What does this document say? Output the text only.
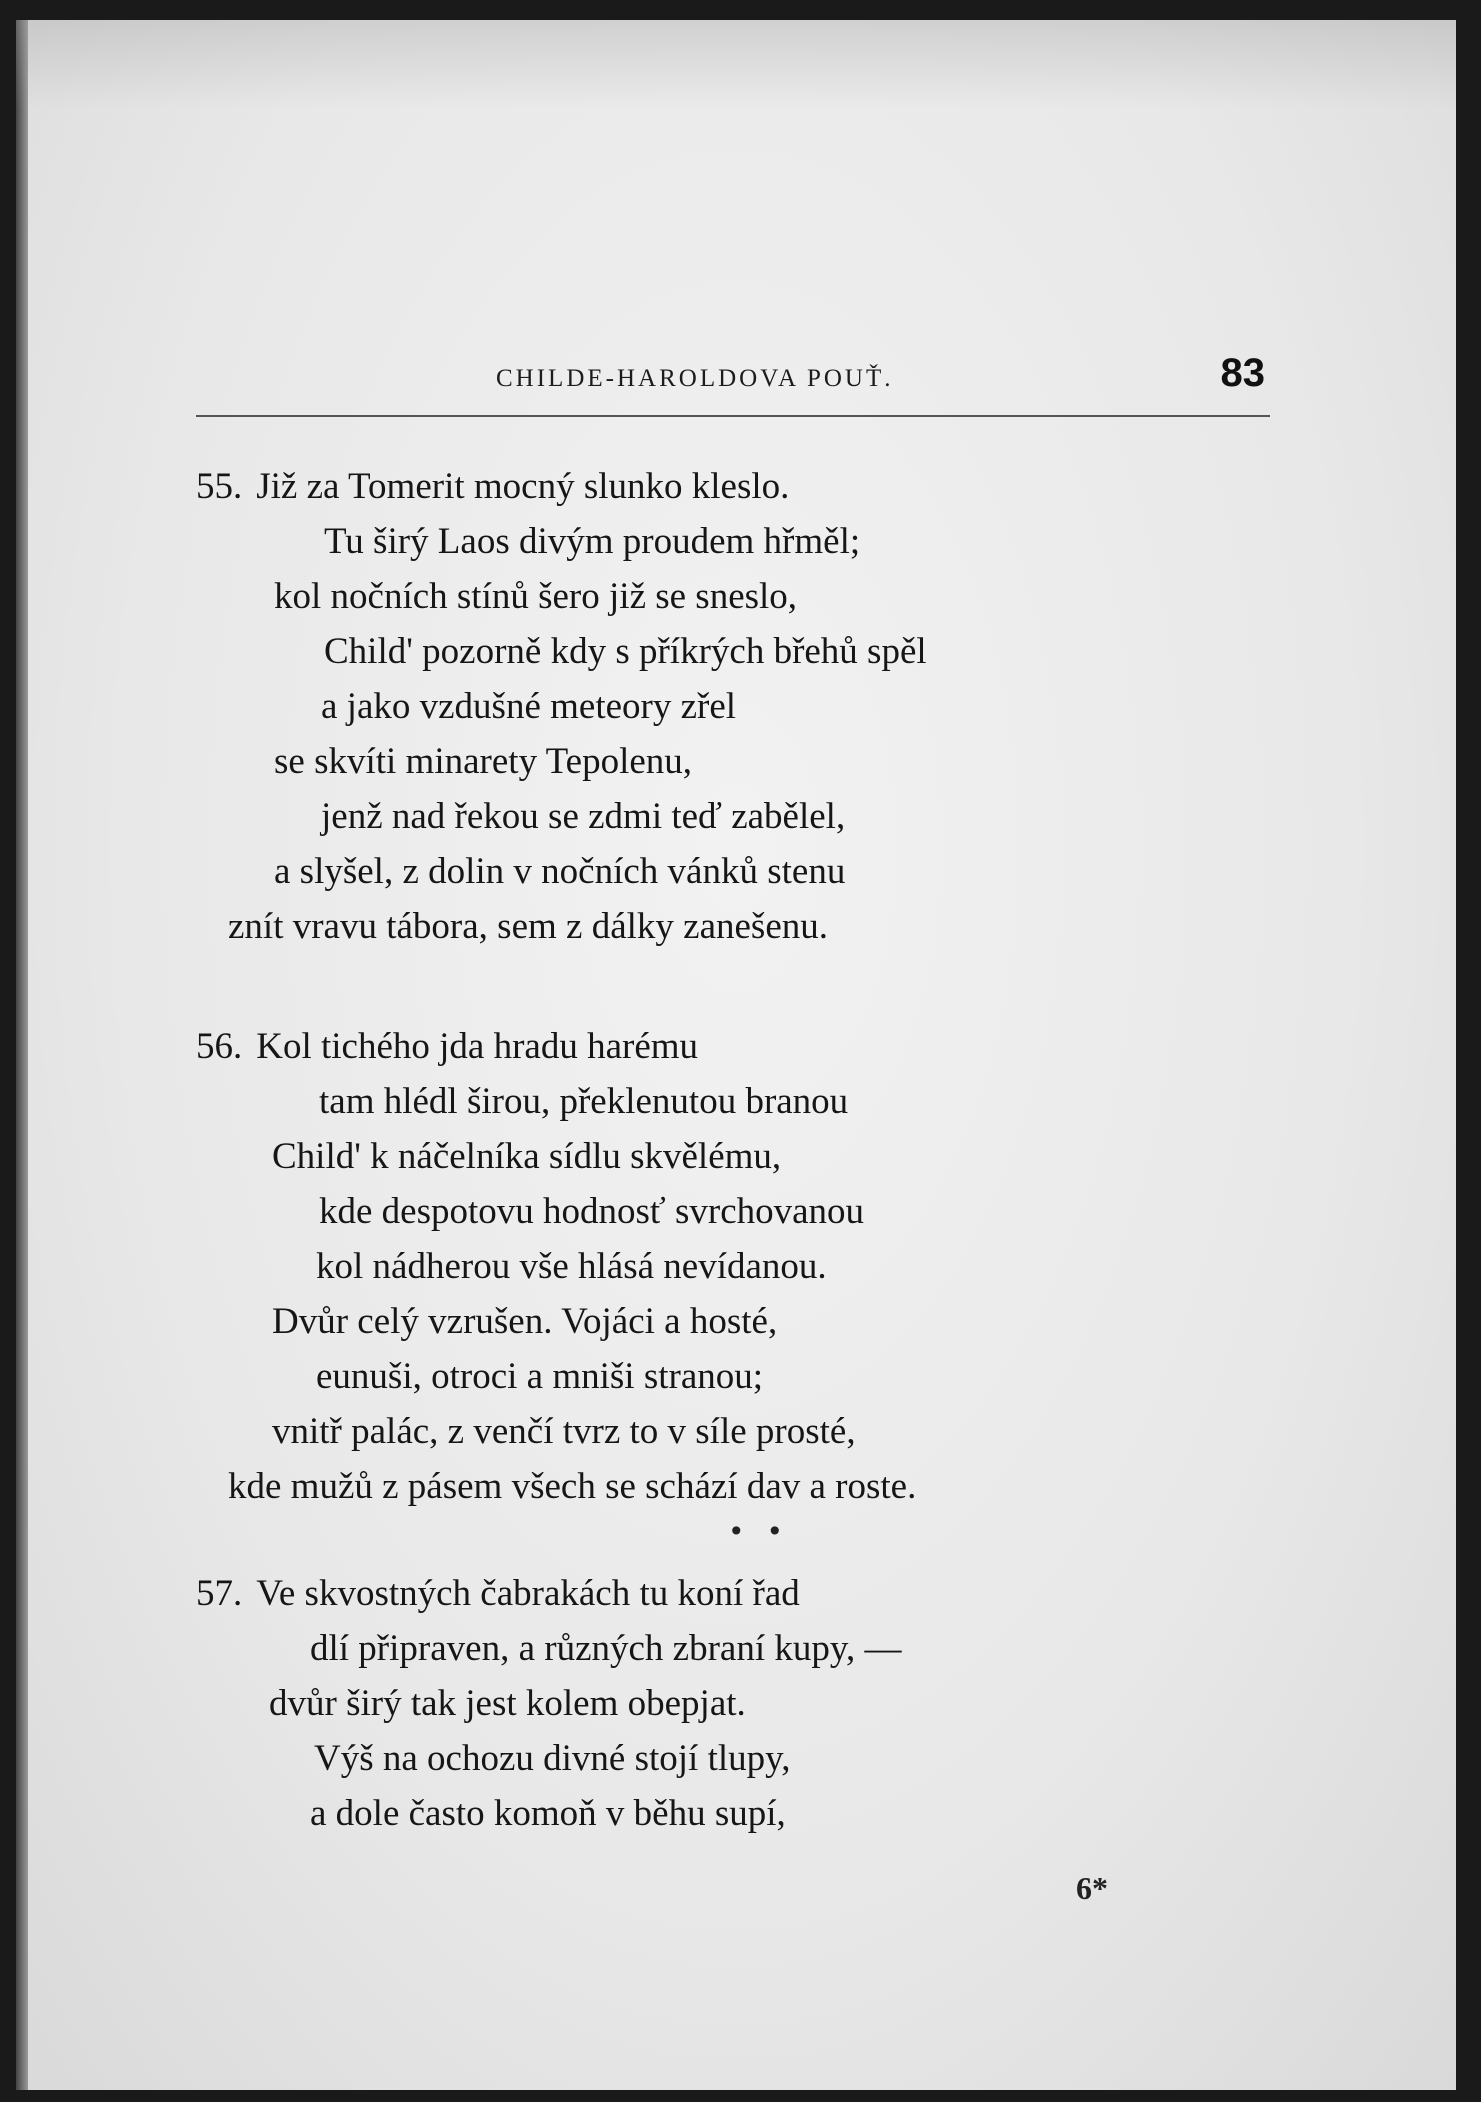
CHILDE-HAROLDOVA POUŤ.	83
55. Již za Tomerit mocný slunko kleslo.
Tu širý Laos divým proudem hřměl;
kol nočních stínů šero již se sneslo,
Child' pozorně kdy s příkrých břehů spěl
a jako vzdušné meteory zřel
se skvíti minarety Tepolenu,
jenž nad řekou se zdmi teď zabělel,
a slyšel, z dolin v nočních vánků stenu
znít vravu tábora, sem z dálky zanešenu.
56. Kol tichého jda hradu harému
tam hlédl širou, překlenutou branou
Child' k náčelníka sídlu skvělému,
kde despotovu hodnosť svrchovanou
kol nádherou vše hlásá nevídanou.
Dvůr celý vzrušen. Vojáci a hosté,
eunuši, otroci a mniši stranou;
vnitř palác, z venčí tvrz to v síle prosté,
kde mužů z pásem všech se schází dav a roste.
••
57. Ve skvostných čabrakách tu koní řad
dlí připraven, a různých zbraní kupy, —
dvůr širý tak jest kolem obepjat.
Výš na ochozu divné stojí tlupy,
a dole často komoň v běhu supí,
6*
